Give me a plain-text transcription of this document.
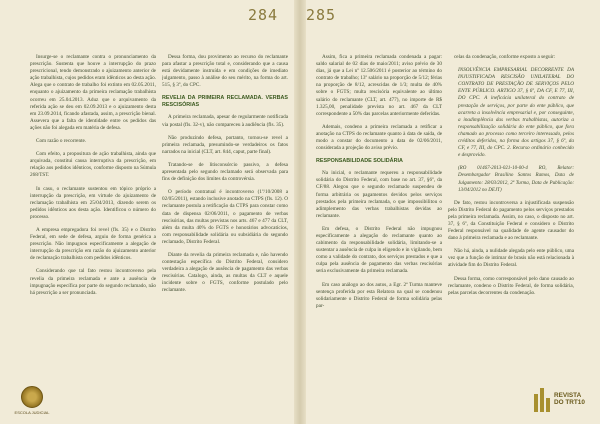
284 285

Insurge-se o reclamante contra o pronunciamento da prescrição. Sustenta que houve a interrupção do prazo prescricional, tendo demonstrado o ajuizamento anterior de ação trabalhista, cujos pedidos eram idênticos ao desta ação. Alega que o contrato de trabalho foi extinto em 02.05.2011, enquanto o ajuizamento da primeira reclamação trabalhista ocorreu em 25.04.2013. Aduz que o arquivamento da referida ação se deu em 02.09.2013 e o ajuizamento desta em 23.09.2014, ficando afastada, assim, a prescrição bienal. Assevera que a falta de identidade entre os pedidos das ações não foi alegada em matéria de defesa.

Com razão o recorrente.

Com efeito, a propositura de ação trabalhista, ainda que arquivada, constitui causa interruptiva da prescrição, em relação aos pedidos idênticos, conforme disposto na Súmula 268/TST.

In casu, o reclamante sustentou em tópico próprio a interrupção da prescrição, em virtude do ajuizamento de reclamação trabalhista em 25/04/2013, dizendo serem os pedidos idênticos aos desta ação. Identificou o número do processo.

A empresa empregadora foi revel (fls. 35) e o Distrito Federal, em sede de defesa, arguiu de forma genérica a prescrição. Não impugnou especificamente a alegação de interrupção da prescrição em razão do ajuizamento anterior de reclamação trabalhista com pedidos idênticos.

Considerando que tal fato restou incontroverso pela revelia da primeira reclamada e ante a ausência de impugnação específica por parte do segundo reclamado, não há prescrição a ser pronunciada.

Dessa forma, dou provimento ao recurso do reclamante para afastar a prescrição total e, considerando que a causa está devidamente instruída e em condições de imediato julgamento, passo à análise do seu mérito, na forma do art. 515, § 3º, do CPC.

REVELIA DA PRIMEIRA RECLAMADA. VERBAS RESCISÓRIAS

A primeira reclamada, apesar de regularmente notificada via postal (fls. 32-v), não compareceu à audiência (fls. 35).

Não produzindo defesa, portanto, tornou-se revel a primeira reclamada, presumindo-se verdadeiros os fatos narrados na inicial (CLT, art. 844, caput, parte final).

Tratando-se de litisconsórcio passivo, a defesa apresentada pelo segundo reclamado será observada para fins de definição dos limites da controvérsia.

O período contratual é incontroverso (1º/10/2008 a 02/05/2011), estando inclusive anotado na CTPS (fls. 12). O reclamante postula a retificação da CTPS para constar como data de dispensa 02/06/2011, o pagamento de verbas rescisórias, das multas previstas nos arts. 467 e 477 da CLT, além da multa 40% do FGTS e honorários advocatícios, com responsabilidade solidária ou subsidiária do segundo reclamado, Distrito Federal.

Diante da revelia da primeira reclamada e, não havendo contestação específica do Distrito Federal, considero verdadeira a alegação de ausência de pagamento das verbas rescisórias. Catalogo, ainda, as multas da CLT e aquele incidente sobre o FGTS, conforme postulado pelo reclamante.

Assim, fica a primeira reclamada condenada a pagar: saldo salarial de 02 dias de maio/2011; aviso prévio de 30 dias, já que a Lei nº 12.506/2011 é posterior ao término do contrato de trabalho; 13º salário na proporção de 5/12; férias na proporção de 8/12, acrescidas de 1/3; multa de 40% sobre o FGTS; multa rescisória equivalente ao último salário do reclamante (CLT, art. 477), no importe de R$ 1.325,00, penalidade prevista no art. 467 da CLT correspondente a 50% das parcelas anteriormente deferidas.

Ademais, condeno a primeira reclamada a retificar a anotação na CTPS do reclamante quanto à data de saída, de modo a constar do documento a data de 02/06/2011, considerada a projeção do aviso prévio.

RESPONSABILIDADE SOLIDÁRIA

Na inicial, o reclamante requereu a responsabilidade solidária do Distrito Federal, com base no art. 37, §6º, da CF/88. Alegou que o segundo reclamado suspendeu de forma arbitrária os pagamentos devidos pelos serviços prestados pela primeira reclamada, o que impossibilitou o adimplemento das verbas trabalhistas devidas ao reclamante.

Em defesa, o Distrito Federal não impugnou especificamente a alegação do reclamante quanto ao cabimento da responsabilidade solidária, limitando-se a sustentar a ausência de culpa in eligendo e in vigilando, bem como a validade do contrato, dos serviços prestados e que a culpa pela ausência de pagamento das verbas rescisórias seria exclusivamente da primeira reclamada.

Em caso análogo ao dos autos, a Egr. 2ª Turma manteve sentença proferida por esta Relatora na qual se condenou solidariamente o Distrito Federal de forma solidária pelas par-

celas da condenação, conforme exposto a seguir:

INSOLVÊNCIA EMPRESARIAL DECORRENTE DA INJUSTIFICADA RESCISÃO UNILATERAL DO CONTRATO DE PRESTAÇÃO DE SERVIÇOS PELO ENTE PÚBLICO. ARTIGO 37, § 6º, DA CF, E 77, III, DO CPC. A ineficácia unilateral do contrato de prestação de serviços, por parte do ente público, que acarreta a insolvência empresarial e, por conseguinte, a inadimplência das verbas trabalhistas, autoriza a responsabilização solidária do ente público, que fora chamado ao processo como terceiro interessado, pelos créditos deferidos, na forma dos artigos 37, § 6º, da CF, e 77, III, do CPC. 2. Recurso ordinário conhecido e desprovido.

(RO 01467-2013-021-10-00-4 RO, Relator: Desembargador Brasilino Santos Ramos, Data de Julgamento: 28/03/2012, 2ª Turma, Data de Publicação: 13/04/2012 no DEJT)

De fato, restou incontroversa a injustificada suspensão pelo Distrito Federal do pagamento pelos serviços prestados pela primeira reclamada. Assim, no caso, o disposto no art. 37, § 6º, da Constituição Federal e considero o Distrito Federal responsável na qualidade de agente causador do dano à primeira reclamada e ao reclamante.

Não há, ainda, a nulidade alegada pelo ente público, uma vez que a função de intimar de brasis não está relacionada à atividade fim do Distrito Federal.

Dessa forma, como corresponsável pelo dano causado ao reclamante, condeno o Distrito Federal, de forma solidária, pelas parcelas decorrentes da condenação.

ESCOLA JUDICIAL
REVISTA
DO TRT10
